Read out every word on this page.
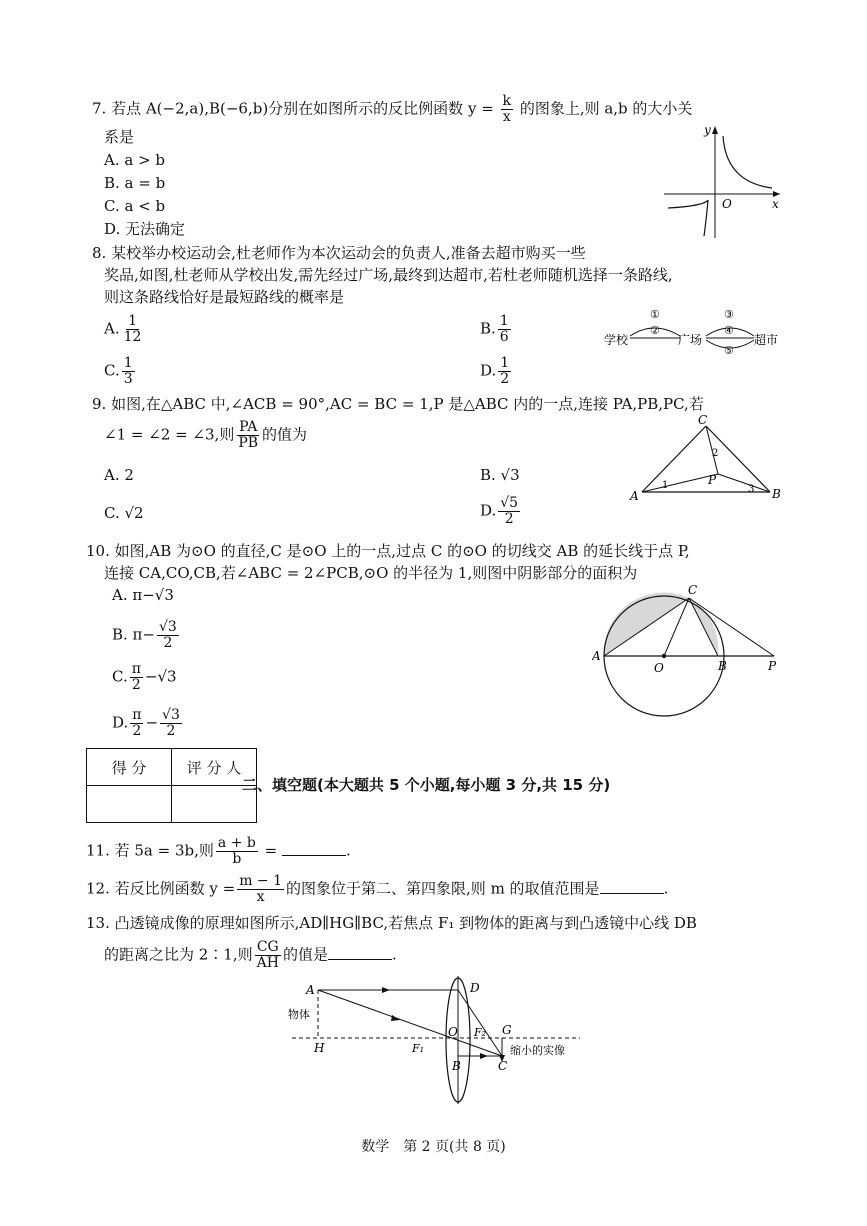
7. 若点 A(−2,a),B(−6,b)分别在如图所示的反比例函数 $y = \frac{k}{x}$ 的图象上,则 a,b 的大小关
系是
A. a > b
B. a = b
C. a < b
D. 无法确定
y
x
O
8. 某校举办校运动会,杜老师作为本次运动会的负责人,准备去超市购买一些
奖品,如图,杜老师从学校出发,需先经过广场,最终到达超市,若杜老师随机选择一条路线,
则这条路线恰好是最短路线的概率是
A. $\frac{1}{12}$	B. $\frac{1}{6}$
C. $\frac{1}{3}$	D. $\frac{1}{2}$
学校	广场	超市
①
②
③
④
⑤
9. 如图,在△ABC 中,∠ACB = 90°,AC = BC = 1,P 是△ABC 内的一点,连接 PA,PB,PC,若
∠1 = ∠2 = ∠3,则 $\frac{PA}{PB}$ 的值为
A. 2	B. √3
C. √2	D. $\frac{√5}{2}$	A	B
C
P
1
2
3
10. 如图,AB 为⊙O 的直径,C 是⊙O 上的一点,过点 C 的⊙O 的切线交 AB 的延长线于点 P,
连接 CA,CO,CB,若∠ABC = 2∠PCB,⊙O 的半径为 1,则图中阴影部分的面积为
A. π−√3
B. $\pi- \frac{√3}{2}$
C. $\frac{\pi}{2} -√3$
D. $\frac{\pi}{2} - \frac{√3}{2}$
A
O	B
C
P
得 分	评 分 人

二、填空题(本大题共 5 个小题,每小题 3 分,共 15 分)
11. 若 5a = 3b,则 $\frac{a + b}{b}$ =	.
12. 若反比例函数 $y = \frac{m - 1}{x}$ 的图象位于第二、第四象限,则 m 的取值范围是	.
13. 凸透镜成像的原理如图所示,AD∥HG∥BC,若焦点 F₁ 到物体的距离与到凸透镜中心线 DB
的距离之比为 2∶1,则 $\frac{CG}{AH}$ 的值是	.
A	D
H
O
F₁
F₂ G
B	C
物体
缩小的实像
数学　第 2 页(共 8 页)
